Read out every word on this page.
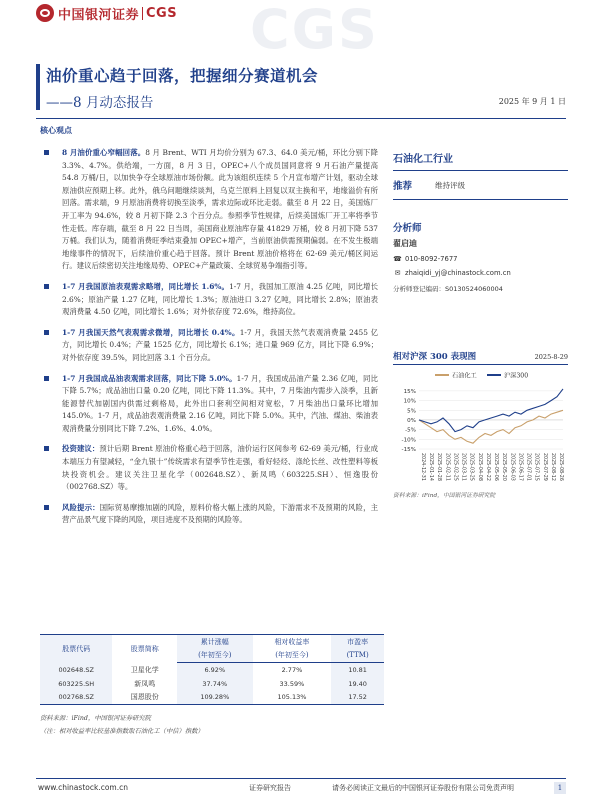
CGS
中国银河证券 CGS
油价重心趋于回落，把握细分赛道机会
——8 月动态报告	2025 年 9 月 1 日
核心观点
8 月油价重心窄幅回落。8 月 Brent、WTI 月均价分别为 67.3、64.0 美元/桶，环比分别下降 3.3%、4.7%。供给端，一方面，8 月 3 日，OPEC+八个成员国同意将 9 月石油产量提高 54.8 万桶/日，以加快争夺全球原油市场份额。此为该组织连续 5 个月宣布增产计划，驱动全球原油供应预期上移。此外，俄乌问题继续谈判，乌克兰原料上回复以双主换和平，地缘溢价有所回落。需求端，9 月原油消费将切换至淡季，需求边际或环比走弱。截至 8 月 22 日，美国炼厂开工率为 94.6%，较 8 月初下降 2.3 个百分点。参照季节性规律，后续美国炼厂开工率将季节性走低。库存端，截至 8 月 22 日当周，美国商业原油库存量 41829 万桶，较 8 月初下降 537 万桶。我们认为，随着消费旺季结束叠加 OPEC+增产，当前原油供需预期偏弱。在不发生极端地缘事件的情况下，后续油价重心趋于回落。预计 Brent 原油价格将在 62-69 美元/桶区间运行。建议后续密切关注地缘局势、OPEC+产量政策、全球贸易争端指引等。
1-7 月我国原油表观需求略增，同比增长 1.6%。1-7 月，我国加工原油 4.25 亿吨，同比增长 2.6%；原油产量 1.27 亿吨，同比增长 1.3%；原油进口 3.27 亿吨，同比增长 2.8%；原油表观消费量 4.50 亿吨，同比增长 1.6%；对外依存度 72.6%，维持高位。
1-7 月我国天然气表观需求微增，同比增长 0.4%。1-7 月，我国天然气表观消费量 2455 亿方，同比增长 0.4%；产量 1525 亿方，同比增长 6.1%；进口量 969 亿方，同比下降 6.9%；对外依存度 39.5%，同比回落 3.1 个百分点。
1-7 月我国成品油表观需求回落，同比下降 5.0%。1-7 月，我国成品油产量 2.36 亿吨，同比下降 5.7%；成品油出口量 0.20 亿吨，同比下降 11.3%。其中，7 月柴油内需步入淡季，且新能源替代加剧国内供需过剩格局，此外出口套利空间相对宽松，7 月柴油出口量环比增加 145.0%。1-7 月，成品油表观消费量 2.16 亿吨，同比下降 5.0%。其中，汽油、煤油、柴油表观消费量分别同比下降 7.2%、1.6%、4.0%。
投资建议：预计后期 Brent 原油价格重心趋于回落，油价运行区间参考 62-69 美元/桶，行业成本端压力有望减轻，“金九银十”传统需求有望季节性走强，看好轻烃、涤纶长丝、改性塑料等板块投资机会。建议关注卫星化学（002648.SZ）、新凤鸣（603225.SH）、恒逸股份（002768.SZ）等。
风险提示：国际贸易摩擦加剧的风险，原料价格大幅上涨的风险，下游需求不及预期的风险，主营产品景气度下降的风险，项目进度不及预期的风险等。
石油化工行业
推荐	维持评级
分析师
翟启迪
☎ 010-8092-7677
✉ zhaiqidi_yj@chinastock.com.cn
分析师登记编码：S0130524060004
相对沪深 300 表现图	2025-8-29
石油化工	沪深300
15%
10%
5%
0%
-5%
-10%
-15%
2024-12-31 2025-01-14 2025-01-28 2025-02-11 2025-02-25 2025-03-11 2025-03-25 2025-04-08 2025-04-22 2025-05-06 2025-05-20 2025-06-03 2025-06-17 2025-07-01 2025-07-15 2025-07-29 2025-08-12 2025-08-26
资料来源：iFind，中国银河证券研究院
股票代码	股票简称	累计涨幅	相对收益率	市盈率
		(年初至今)	(年初至今)	(TTM)
002648.SZ	卫星化学	6.92%	2.77%	10.81
603225.SH	新凤鸣	37.74%	33.59%	19.40
002768.SZ	国恩股份	109.28%	105.13%	17.52
资料来源：iFind，中国银河证券研究院
（注：相对收益率比较基准指数取石油化工（中信）指数）
www.chinastock.com.cn	证券研究报告	请务必阅读正文最后的中国银河证券股份有限公司免责声明	1
